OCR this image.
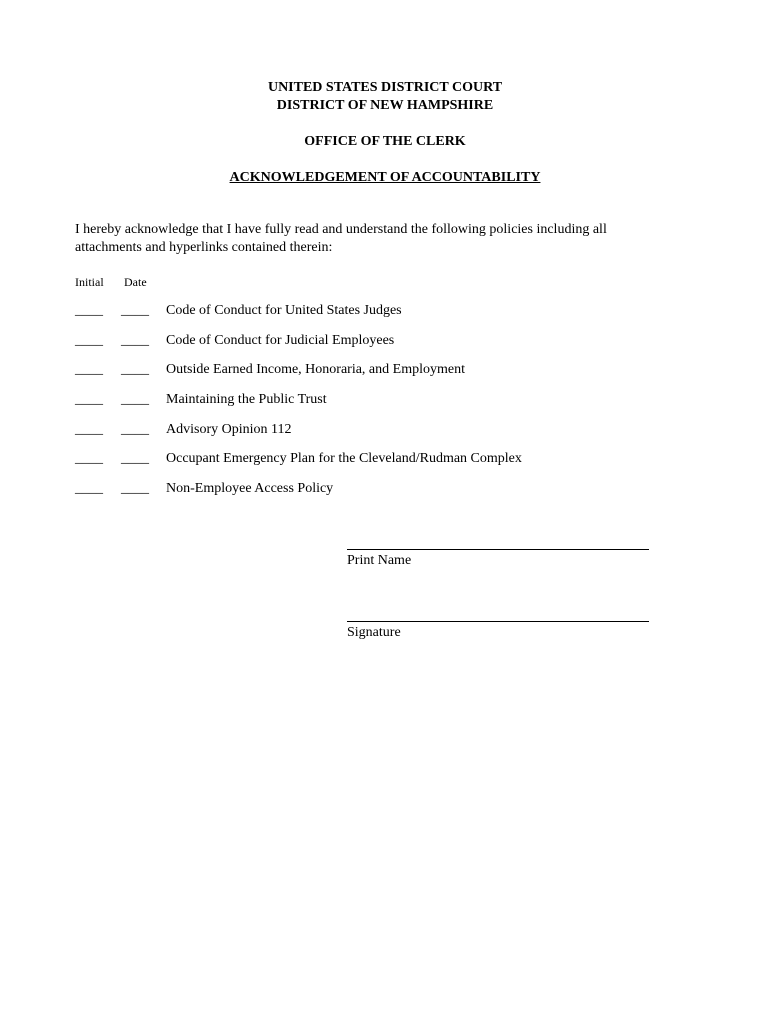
UNITED STATES DISTRICT COURT
DISTRICT OF NEW HAMPSHIRE
OFFICE OF THE CLERK
ACKNOWLEDGEMENT OF ACCOUNTABILITY

I hereby acknowledge that I have fully read and understand the following policies including all
attachments and hyperlinks contained therein:

Initial Date
____ ____ Code of Conduct for United States Judges
____ ____ Code of Conduct for Judicial Employees
____ ____ Outside Earned Income, Honoraria, and Employment
____ ____ Maintaining the Public Trust
____ ____ Advisory Opinion 112
____ ____ Occupant Emergency Plan for the Cleveland/Rudman Complex
____ ____ Non-Employee Access Policy
Print Name
Signature
